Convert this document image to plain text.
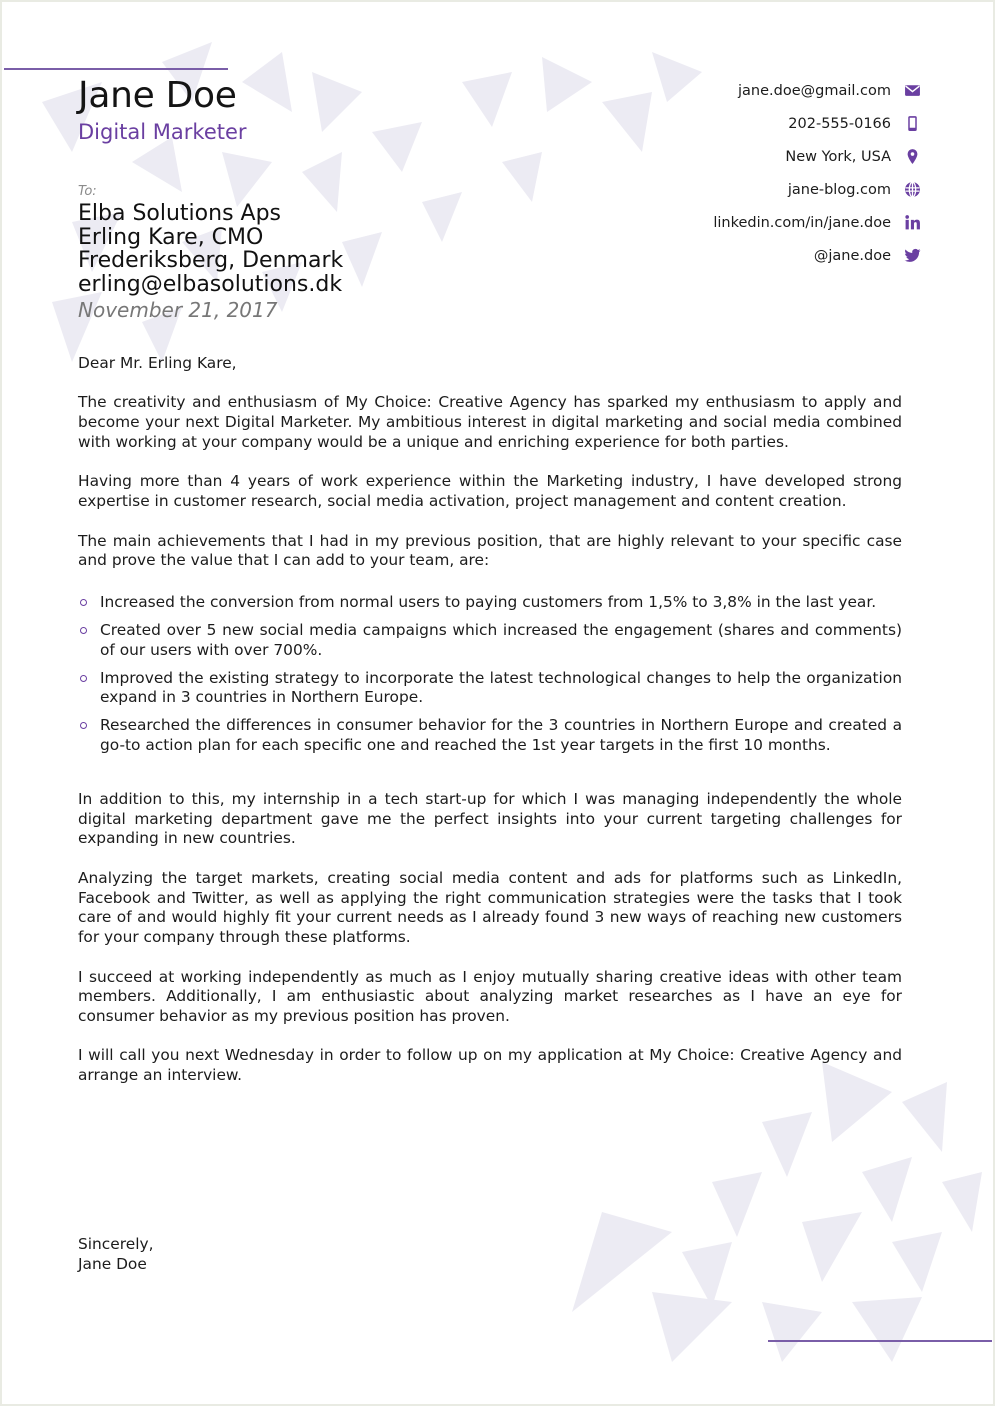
Jane Doe
Digital Marketer
jane.doe@gmail.com
202-555-0166
New York, USA
jane-blog.com
linkedin.com/in/jane.doe
@jane.doe
To:
Elba Solutions Aps
Erling Kare, CMO
Frederiksberg, Denmark
erling@elbasolutions.dk
November 21, 2017

Dear Mr. Erling Kare,

The creativity and enthusiasm of My Choice: Creative Agency has sparked my enthusiasm to apply and become your next Digital Marketer. My ambitious interest in digital marketing and social media combined with working at your company would be a unique and enriching experience for both parties.

Having more than 4 years of work experience within the Marketing industry, I have developed strong expertise in customer research, social media activation, project management and content creation.

The main achievements that I had in my previous position, that are highly relevant to your specific case and prove the value that I can add to your team, are:

Increased the conversion from normal users to paying customers from 1,5% to 3,8% in the last year.
Created over 5 new social media campaigns which increased the engagement (shares and comments) of our users with over 700%.
Improved the existing strategy to incorporate the latest technological changes to help the organization expand in 3 countries in Northern Europe.
Researched the differences in consumer behavior for the 3 countries in Northern Europe and created a go-to action plan for each specific one and reached the 1st year targets in the first 10 months.

In addition to this, my internship in a tech start-up for which I was managing independently the whole digital marketing department gave me the perfect insights into your current targeting challenges for expanding in new countries.

Analyzing the target markets, creating social media content and ads for platforms such as LinkedIn, Facebook and Twitter, as well as applying the right communication strategies were the tasks that I took care of and would highly fit your current needs as I already found 3 new ways of reaching new customers for your company through these platforms.

I succeed at working independently as much as I enjoy mutually sharing creative ideas with other team members. Additionally, I am enthusiastic about analyzing market researches as I have an eye for consumer behavior as my previous position has proven.

I will call you next Wednesday in order to follow up on my application at My Choice: Creative Agency and arrange an interview.

Sincerely,
Jane Doe
